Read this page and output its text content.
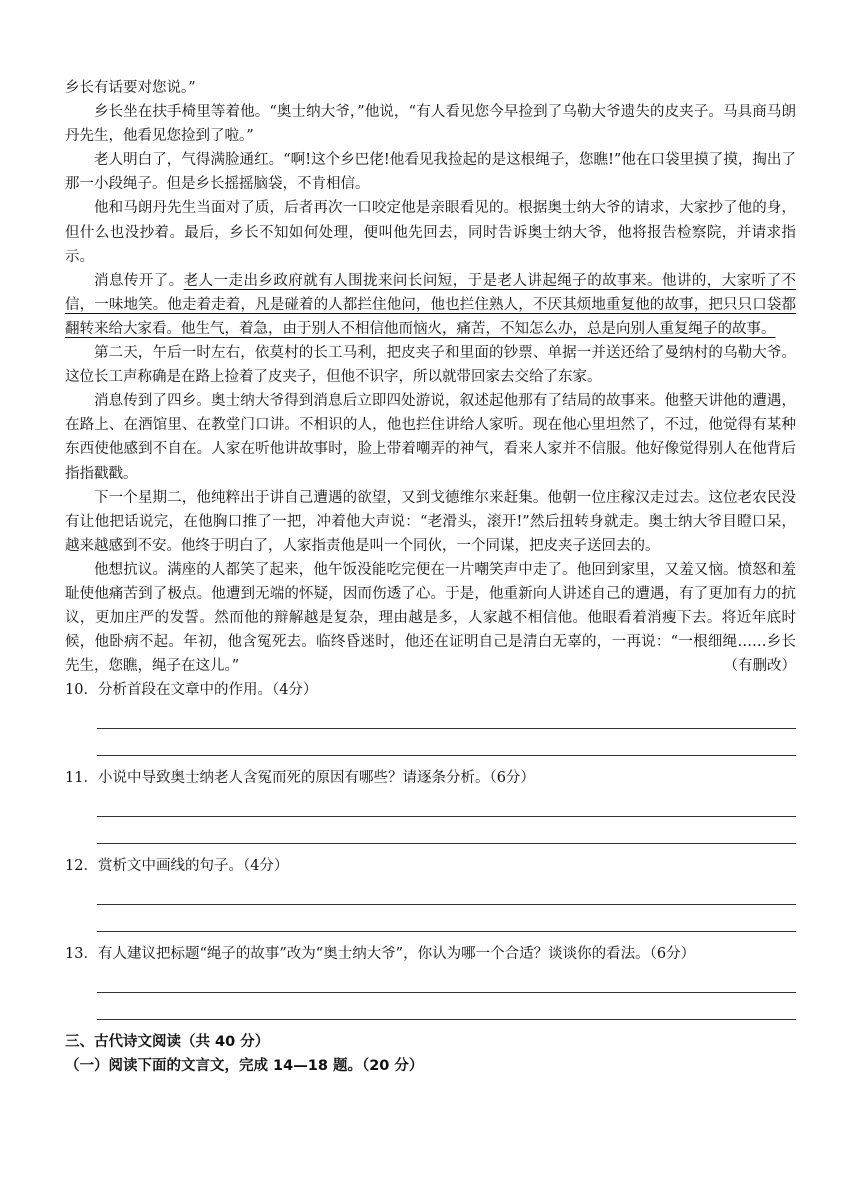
乡长有话要对您说。”

乡长坐在扶手椅里等着他。“奥士纳大爷，”他说，“有人看见您今早捡到了乌勒大爷遗失的皮夹子。马具商马朗丹先生，他看见您捡到了啦。”

老人明白了，气得满脸通红。“啊!这个乡巴佬!他看见我捡起的是这根绳子，您瞧!”他在口袋里摸了摸，掏出了那一小段绳子。但是乡长摇摇脑袋，不肯相信。

他和马朗丹先生当面对了质，后者再次一口咬定他是亲眼看见的。根据奥士纳大爷的请求，大家抄了他的身，但什么也没抄着。最后，乡长不知如何处理，便叫他先回去，同时告诉奥士纳大爷，他将报告检察院，并请求指示。

消息传开了。老人一走出乡政府就有人围拢来问长问短，于是老人讲起绳子的故事来。他讲的，大家听了不信，一味地笑。他走着走着，凡是碰着的人都拦住他问，他也拦住熟人，不厌其烦地重复他的故事，把只只口袋都翻转来给大家看。他生气，着急，由于别人不相信他而恼火，痛苦，不知怎么办，总是向别人重复绳子的故事。

第二天，午后一时左右，依莫村的长工马利，把皮夹子和里面的钞票、单据一并送还给了曼纳村的乌勒大爷。这位长工声称确是在路上捡着了皮夹子，但他不识字，所以就带回家去交给了东家。

消息传到了四乡。奥士纳大爷得到消息后立即四处游说，叙述起他那有了结局的故事来。他整天讲他的遭遇，在路上、在酒馆里、在教堂门口讲。不相识的人，他也拦住讲给人家听。现在他心里坦然了，不过，他觉得有某种东西使他感到不自在。人家在听他讲故事时，脸上带着嘲弄的神气，看来人家并不信服。他好像觉得别人在他背后指指戳戳。

下一个星期二，他纯粹出于讲自己遭遇的欲望，又到戈德维尔来赶集。他朝一位庄稼汉走过去。这位老农民没有让他把话说完，在他胸口推了一把，冲着他大声说：“老滑头，滚开!”然后扭转身就走。奥士纳大爷目瞪口呆，越来越感到不安。他终于明白了，人家指责他是叫一个同伙，一个同谋，把皮夹子送回去的。

他想抗议。满座的人都笑了起来，他午饭没能吃完便在一片嘲笑声中走了。他回到家里，又羞又恼。愤怒和羞耻使他痛苦到了极点。他遭到无端的怀疑，因而伤透了心。于是，他重新向人讲述自己的遭遇，有了更加有力的抗议，更加庄严的发誓。然而他的辩解越是复杂，理由越是多，人家越不相信他。他眼看着消瘦下去。将近年底时候，他卧病不起。年初，他含冤死去。临终昏迷时，他还在证明自己是清白无辜的，一再说：“一根细绳……乡长先生，您瞧，绳子在这儿。”	（有删改）

10．分析首段在文章中的作用。（4分）

11．小说中导致奥士纳老人含冤而死的原因有哪些？请逐条分析。（6分）

12．赏析文中画线的句子。（4分）

13．有人建议把标题“绳子的故事”改为“奥士纳大爷”，你认为哪一个合适？谈谈你的看法。（6分）

三、古代诗文阅读（共 40 分）

（一）阅读下面的文言文，完成 14—18 题。（20 分）
